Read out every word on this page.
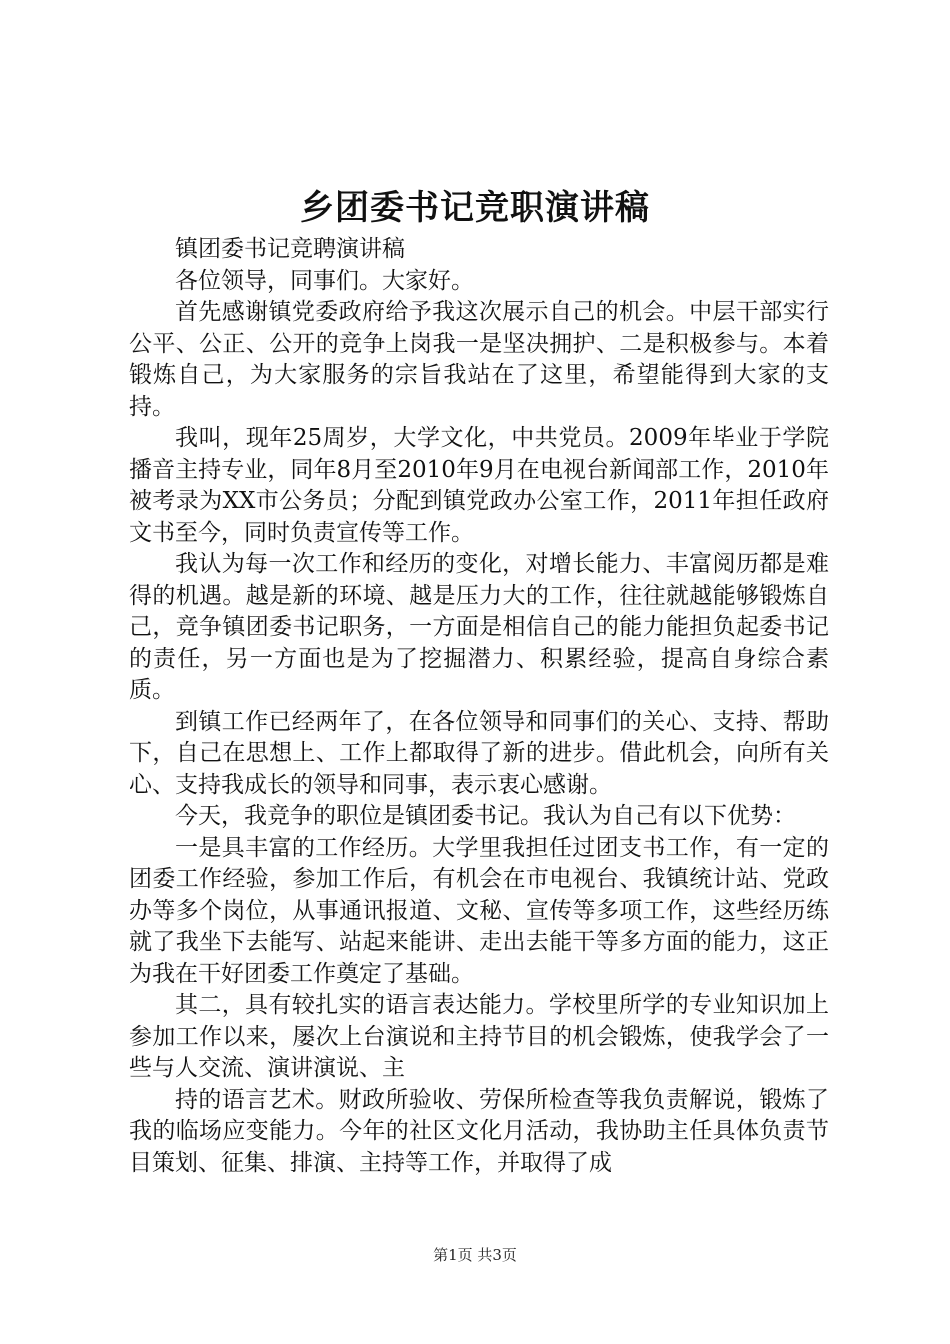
乡团委书记竞职演讲稿

镇团委书记竞聘演讲稿

各位领导，同事们。大家好。

首先感谢镇党委政府给予我这次展示自己的机会。中层干部实行公平、公正、公开的竞争上岗我一是坚决拥护、二是积极参与。本着锻炼自己，为大家服务的宗旨我站在了这里，希望能得到大家的支持。

我叫，现年25周岁，大学文化，中共党员。2009年毕业于学院播音主持专业，同年8月至2010年9月在电视台新闻部工作，2010年被考录为XX市公务员；分配到镇党政办公室工作，2011年担任政府文书至今，同时负责宣传等工作。

我认为每一次工作和经历的变化，对增长能力、丰富阅历都是难得的机遇。越是新的环境、越是压力大的工作，往往就越能够锻炼自己，竞争镇团委书记职务，一方面是相信自己的能力能担负起委书记的责任，另一方面也是为了挖掘潜力、积累经验，提高自身综合素质。

到镇工作已经两年了，在各位领导和同事们的关心、支持、帮助下，自己在思想上、工作上都取得了新的进步。借此机会，向所有关心、支持我成长的领导和同事，表示衷心感谢。

今天，我竞争的职位是镇团委书记。我认为自己有以下优势：

一是具丰富的工作经历。大学里我担任过团支书工作，有一定的团委工作经验，参加工作后，有机会在市电视台、我镇统计站、党政办等多个岗位，从事通讯报道、文秘、宣传等多项工作，这些经历练就了我坐下去能写、站起来能讲、走出去能干等多方面的能力，这正为我在干好团委工作奠定了基础。

其二，具有较扎实的语言表达能力。学校里所学的专业知识加上参加工作以来，屡次上台演说和主持节目的机会锻炼，使我学会了一些与人交流、演讲演说、主

持的语言艺术。财政所验收、劳保所检查等我负责解说，锻炼了我的临场应变能力。今年的社区文化月活动，我协助主任具体负责节目策划、征集、排演、主持等工作，并取得了成

第1页 共3页
